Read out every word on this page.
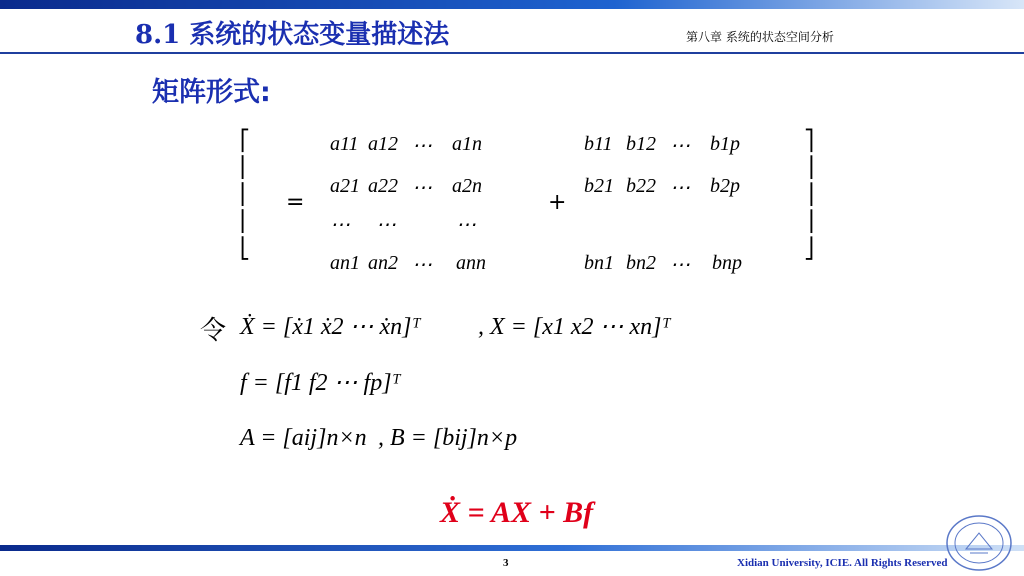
8.1 系统的状态变量描述法	第八章 系统的状态空间分析
矩阵形式:
⎡
⎢
⎢
⎢
⎣
=
a11 a12 ⋯ a1n
a21 a22 ⋯ a2n
⋯ ⋯	⋯
an1 an2 ⋯ ann
+
b11 b12 ⋯ b1p
b21 b22 ⋯ b2p
bn1 bn2 ⋯ bnp
⎤
⎥
⎥
⎥
⎦
令 Ẋ = [ẋ1 ẋ2 ⋯ ẋn]ᵀ , X = [x1 x2 ⋯ xn]ᵀ
f = [f1 f2 ⋯ fp]ᵀ
A = [aij]n×n , B = [bij]n×p
Ẋ = AX + Bf
3	Xidian University, ICIE. All Rights Reserved
